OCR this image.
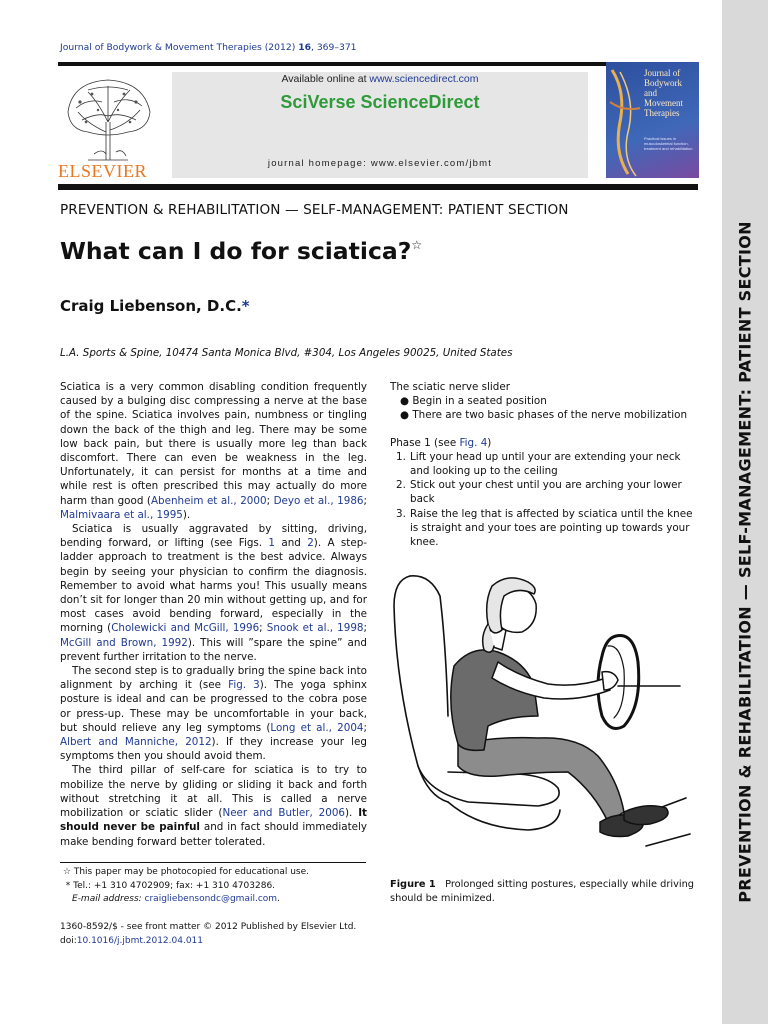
Journal of Bodywork & Movement Therapies (2012) 16, 369–371
ELSEVIER
Available online at www.sciencedirect.com
SciVerse ScienceDirect
journal homepage: www.elsevier.com/jbmt
Journal of Bodywork and Movement Therapies
Practical issues in musculoskeletal function, treatment and rehabilitation
PREVENTION & REHABILITATION — SELF-MANAGEMENT: PATIENT SECTION
What can I do for sciatica?☆
Craig Liebenson, D.C.*
L.A. Sports & Spine, 10474 Santa Monica Blvd, #304, Los Angeles 90025, United States

Sciatica is a very common disabling condition frequently caused by a bulging disc compressing a nerve at the base of the spine. Sciatica involves pain, numbness or tingling down the back of the thigh and leg. There may be some low back pain, but there is usually more leg than back discomfort. There can even be weakness in the leg. Unfortunately, it can persist for months at a time and while rest is often prescribed this may actually do more harm than good (Abenheim et al., 2000; Deyo et al., 1986; Malmivaara et al., 1995).

Sciatica is usually aggravated by sitting, driving, bending forward, or lifting (see Figs. 1 and 2). A step-ladder approach to treatment is the best advice. Always begin by seeing your physician to confirm the diagnosis. Remember to avoid what harms you! This usually means don’t sit for longer than 20 min without getting up, and for most cases avoid bending forward, especially in the morning (Cholewicki and McGill, 1996; Snook et al., 1998; McGill and Brown, 1992). This will ”spare the spine” and prevent further irritation to the nerve.

The second step is to gradually bring the spine back into alignment by arching it (see Fig. 3). The yoga sphinx posture is ideal and can be progressed to the cobra pose or press-up. These may be uncomfortable in your back, but should relieve any leg symptoms (Long et al., 2004; Albert and Manniche, 2012). If they increase your leg symptoms then you should avoid them.

The third pillar of self-care for sciatica is to try to mobilize the nerve by gliding or sliding it back and forth without stretching it at all. This is called a nerve mobilization or sciatic slider (Neer and Butler, 2006). It should never be painful and in fact should immediately make bending forward better tolerated.

The sciatic nerve slider
● Begin in a seated position
● There are two basic phases of the nerve mobilization
Phase 1 (see Fig. 4)
1. Lift your head up until your are extending your neck and looking up to the ceiling
2. Stick out your chest until you are arching your lower back
3. Raise the leg that is affected by sciatica until the knee is straight and your toes are pointing up towards your knee.
Figure 1 Prolonged sitting postures, especially while driving should be minimized.
☆ This paper may be photocopied for educational use.
* Tel.: +1 310 4702909; fax: +1 310 4703286.
E-mail address: craigliebensondc@gmail.com.
1360-8592/$ - see front matter © 2012 Published by Elsevier Ltd.
doi:10.1016/j.jbmt.2012.04.011
PREVENTION & REHABILITATION — SELF-MANAGEMENT: PATIENT SECTION
